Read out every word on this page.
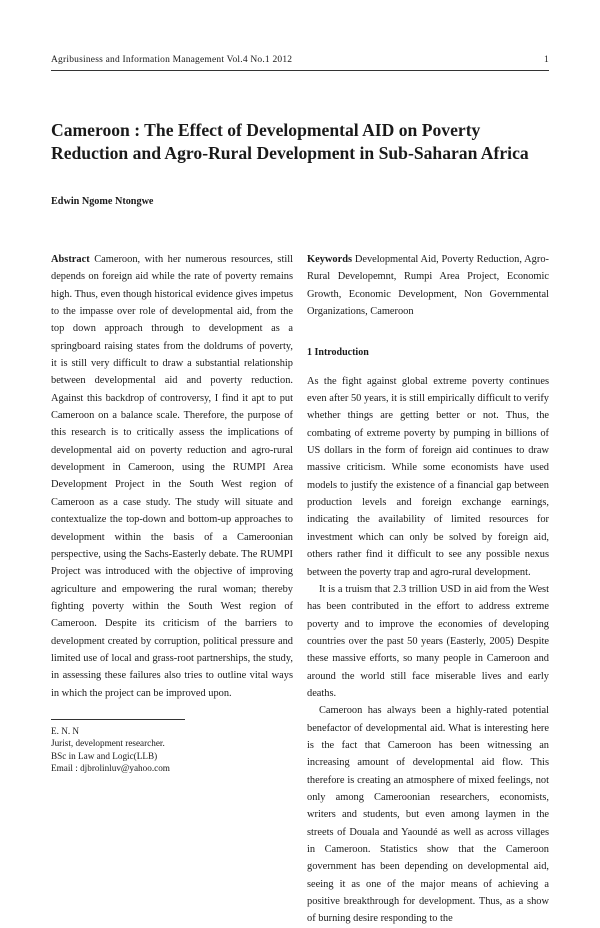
Agribusiness and Information Management Vol.4 No.1 2012	1
Cameroon : The Effect of Developmental AID on Poverty
Reduction and Agro-Rural Development in Sub-Saharan Africa
Edwin Ngome Ntongwe

Abstract Cameroon, with her numerous resources, still depends on foreign aid while the rate of poverty remains high. Thus, even though historical evidence gives impetus to the impasse over role of developmental aid, from the top down approach through to development as a springboard raising states from the doldrums of poverty, it is still very difficult to draw a substantial relationship between developmental aid and poverty reduction. Against this backdrop of controversy, I find it apt to put Cameroon on a balance scale. Therefore, the purpose of this research is to critically assess the implications of developmental aid on poverty reduction and agro-rural development in Cameroon, using the RUMPI Area Development Project in the South West region of Cameroon as a case study. The study will situate and contextualize the top-down and bottom-up approaches to development within the basis of a Cameroonian perspective, using the Sachs-Easterly debate. The RUMPI Project was introduced with the objective of improving agriculture and empowering the rural woman; thereby fighting poverty within the South West region of Cameroon. Despite its criticism of the barriers to development created by corruption, political pressure and limited use of local and grass-root partnerships, the study, in assessing these failures also tries to outline vital ways in which the project can be improved upon.

Keywords Developmental Aid, Poverty Reduction, Agro-Rural Developemnt, Rumpi Area Project, Economic Growth, Economic Development, Non Governmental Organizations, Cameroon

1 Introduction

As the fight against global extreme poverty continues even after 50 years, it is still empirically difficult to verify whether things are getting better or not. Thus, the combating of extreme poverty by pumping in billions of US dollars in the form of foreign aid continues to draw massive criticism. While some economists have used models to justify the existence of a financial gap between production levels and foreign exchange earnings, indicating the availability of limited resources for investment which can only be solved by foreign aid, others rather find it difficult to see any possible nexus between the poverty trap and agro-rural development.

It is a truism that 2.3 trillion USD in aid from the West has been contributed in the effort to address extreme poverty and to improve the economies of developing countries over the past 50 years (Easterly, 2005) Despite these massive efforts, so many people in Cameroon and around the world still face miserable lives and early deaths.

Cameroon has always been a highly-rated potential benefactor of developmental aid. What is interesting here is the fact that Cameroon has been witnessing an increasing amount of developmental aid flow. This therefore is creating an atmosphere of mixed feelings, not only among Cameroonian researchers, economists, writers and students, but even among laymen in the streets of Douala and Yaoundé as well as across villages in Cameroon. Statistics show that the Cameroon government has been depending on developmental aid, seeing it as one of the major means of achieving a positive breakthrough for development. Thus, as a show of burning desire responding to the

E. N. N
Jurist, development researcher.
BSc in Law and Logic(LLB)
Email : djbrolinluv@yahoo.com
